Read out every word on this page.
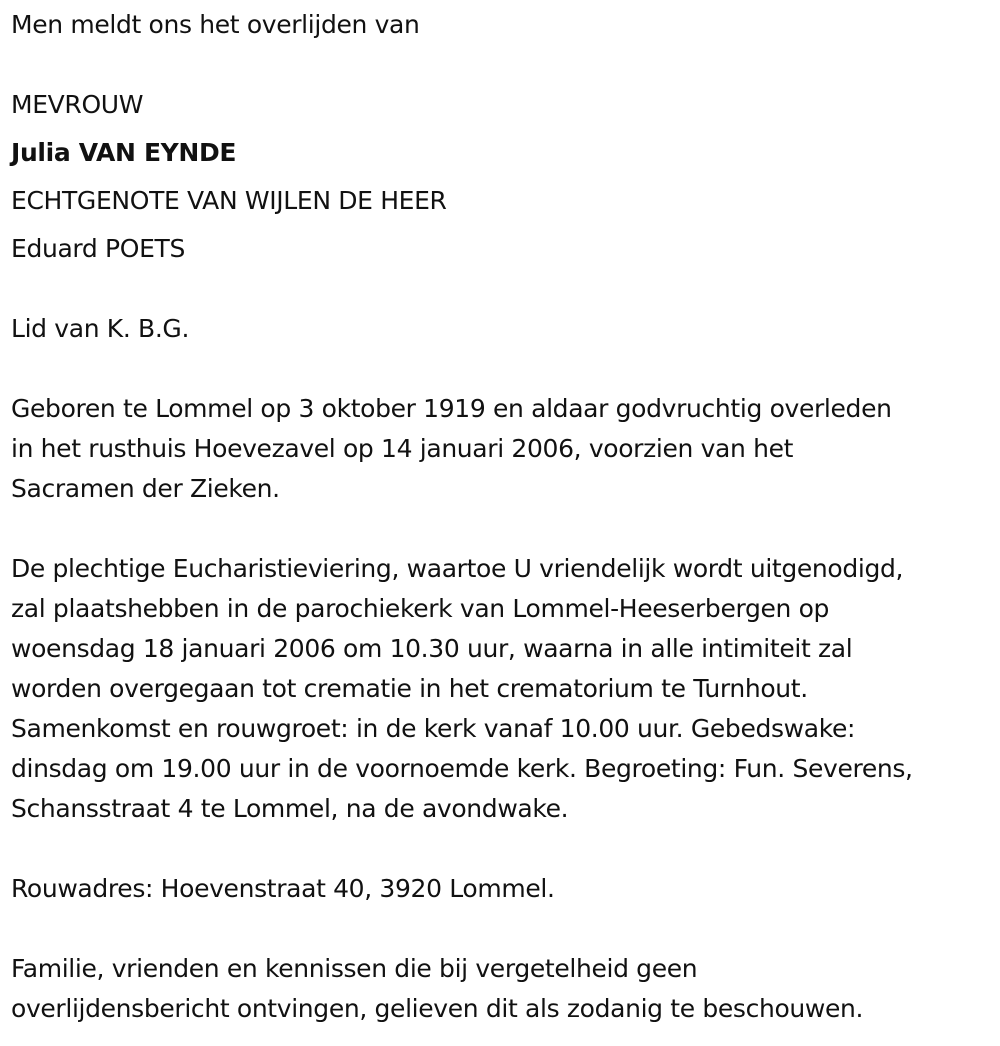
Men meldt ons het overlijden van
MEVROUW
Julia VAN EYNDE
ECHTGENOTE VAN WIJLEN DE HEER
Eduard POETS
Lid van K. B.G.
Geboren te Lommel op 3 oktober 1919 en aldaar godvruchtig overleden
in het rusthuis Hoevezavel op 14 januari 2006, voorzien van het
Sacramen der Zieken.
De plechtige Eucharistieviering, waartoe U vriendelijk wordt uitgenodigd,
zal plaatshebben in de parochiekerk van Lommel-Heeserbergen op
woensdag 18 januari 2006 om 10.30 uur, waarna in alle intimiteit zal
worden overgegaan tot crematie in het crematorium te Turnhout.
Samenkomst en rouwgroet: in de kerk vanaf 10.00 uur. Gebedswake:
dinsdag om 19.00 uur in de voornoemde kerk. Begroeting: Fun. Severens,
Schansstraat 4 te Lommel, na de avondwake.
Rouwadres: Hoevenstraat 40, 3920 Lommel.
Familie, vrienden en kennissen die bij vergetelheid geen
overlijdensbericht ontvingen, gelieven dit als zodanig te beschouwen.
